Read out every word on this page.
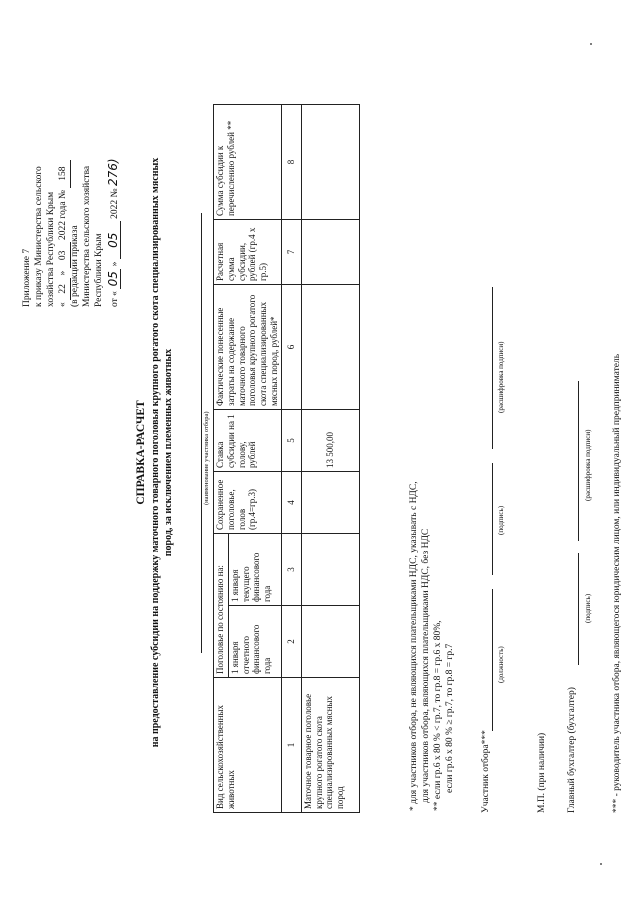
Приложение 7 к приказу Министерства сельского хозяйства Республики Крым « 22 » 03 2022 года № 158
(в редакции приказа Министерства сельского хозяйства Республики Крым от « 05 » 05 2022 № 276)
СПРАВКА-РАСЧЕТ на предоставление субсидии на поддержку маточного товарного поголовья крупного рогатого скота специализированных мясных пород, за исключением племенных животных	(наименование участника отбора)
Вид сельскохозяйственных животных	Поголовье по состоянию на:		Сохраненное поголовье, голов (гр.4=гр.3)	Ставка субсидии на 1 голову, рублей	Фактические понесенные затраты на содержание маточного товарного поголовья крупного рогатого скота специализированных мясных пород, рублей*	Расчетная сумма субсидии, рублей (гр.4 х гр.5)	Сумма субсидии к перечислению рублей **
	1 января отчетного финансового года	1 января текущего финансового года					
1	2	3	4	5	6	7	8
Маточное товарное поголовье крупного рогатого скота специализированных мясных пород				13 500,00			
* для участников отбора, не являющихся плательщиками НДС, указывать с НДС, для участников отбора, являющихся плательщиками НДС, без НДС ** если гр.6 х 80 % < гр.7, то гр.8 = гр.6 х 80%, если гр.6 х 80 % ≥ гр.7, то гр.8 = гр.7	Участник отбора***
(должность)
(подпись)
(расшифровка подписи)
М.П. (при наличии) Главный бухгалтер (бухгалтер)
(подпись)
(расшифровка подписи) *** - руководитель участника отбора, являющегося юридическим лицом, или индивидуальный предприниматель
